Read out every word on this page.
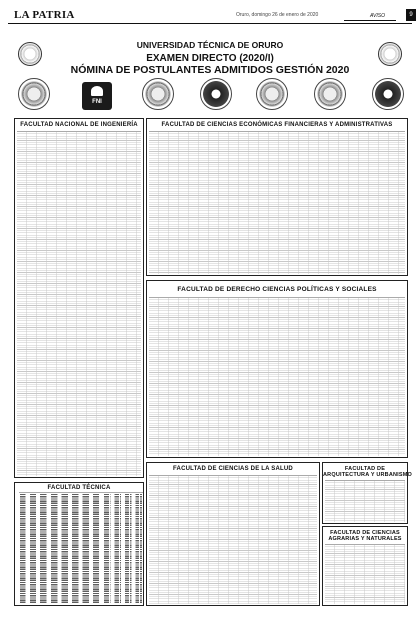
LA PATRIA	Oruro, domingo 26 de enero de 2020	AVISO	9
UNIVERSIDAD TÉCNICA DE ORURO
EXAMEN DIRECTO (2020/I)
NÓMINA DE POSTULANTES ADMITIDOS GESTIÓN 2020
FNI
FACULTAD NACIONAL DE INGENIERÍA	FACULTAD DE CIENCIAS ECONÓMICAS FINANCIERAS Y ADMINISTRATIVAS
FACULTAD DE DERECHO CIENCIAS POLÍTICAS Y SOCIALES
FACULTAD TÉCNICA
FACULTAD DE CIENCIAS DE LA SALUD	FACULTAD DE
ARQUITECTURA Y URBANISMO
FACULTAD DE CIENCIAS
AGRARIAS Y NATURALES
